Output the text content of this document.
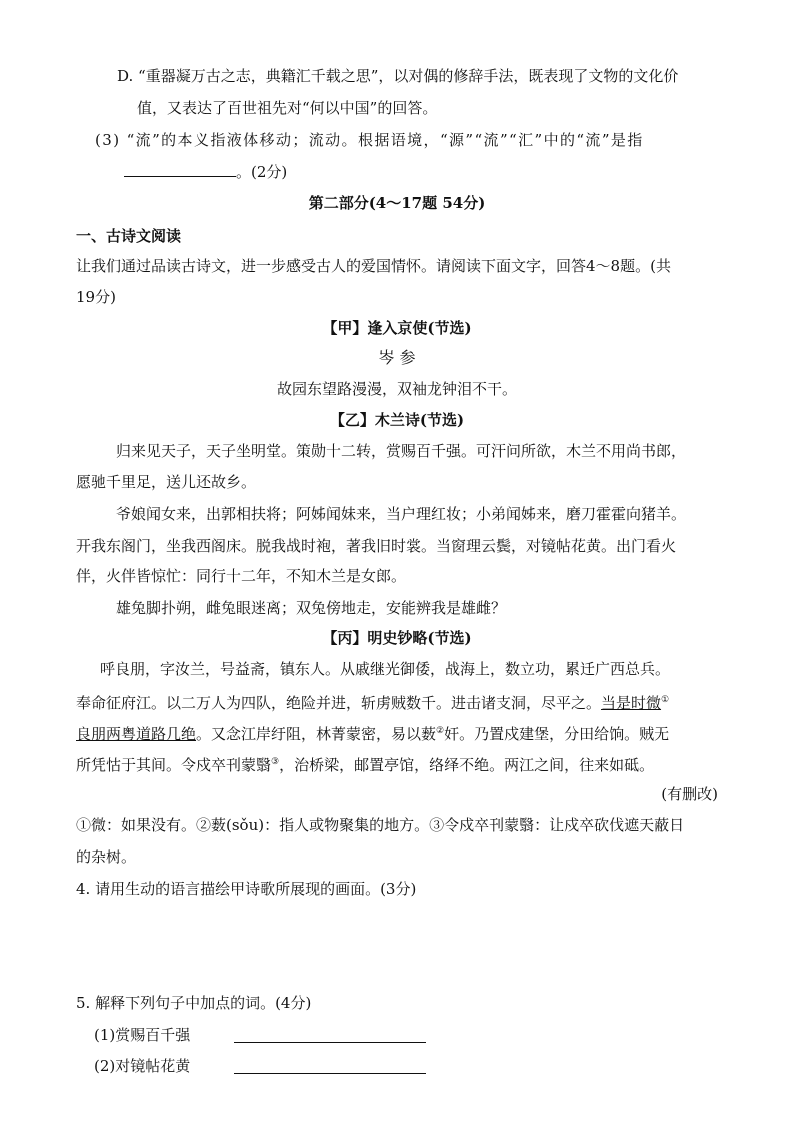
D. “重器凝万古之志，典籍汇千载之思”，以对偶的修辞手法，既表现了文物的文化价
值，又表达了百世祖先对“何以中国”的回答。
(3) “流”的本义指液体移动；流动。根据语境，“源”“流”“汇”中的“流”是指
。(2分)
第二部分(4～17题 54分)
一、古诗文阅读
让我们通过品读古诗文，进一步感受古人的爱国情怀。请阅读下面文字，回答4～8题。(共
19分)
【甲】逢入京使(节选)
岑 参
故园东望路漫漫，双袖龙钟泪不干。
【乙】木兰诗(节选)
归来见天子，天子坐明堂。策勋十二转，赏赐百千强。可汗问所欲，木兰不用尚书郎，
愿驰千里足，送儿还故乡。
爷娘闻女来，出郭相扶将；阿姊闻妹来，当户理红妆；小弟闻姊来，磨刀霍霍向猪羊。
开我东阁门，坐我西阁床。脱我战时袍，著我旧时裳。当窗理云鬓，对镜帖花黄。出门看火
伴，火伴皆惊忙：同行十二年，不知木兰是女郎。
雄兔脚扑朔，雌兔眼迷离；双兔傍地走，安能辨我是雄雌？
【丙】明史钞略(节选)
呼良朋，字汝兰，号益斋，镇东人。从戚继光御倭，战海上，数立功，累迁广西总兵。
奉命征府江。以二万人为四队，绝险并进，斩虏贼数千。进击诸支洞，尽平之。当是时微①
良朋两粤道路几绝。又念江岸纡阻，林菁蒙密，易以薮②奸。乃置戍建堡，分田给饷。贼无
所凭怙于其间。令戍卒刊蒙翳③，治桥梁，邮置亭馆，络绎不绝。两江之间，往来如砥。
(有删改)
①微：如果没有。②薮(sǒu)：指人或物聚集的地方。③令戍卒刊蒙翳：让戍卒砍伐遮天蔽日
的杂树。
4. 请用生动的语言描绘甲诗歌所展现的画面。(3分)
5. 解释下列句子中加点的词。(4分)
(1)赏赐百千强
(2)对镜帖花黄
